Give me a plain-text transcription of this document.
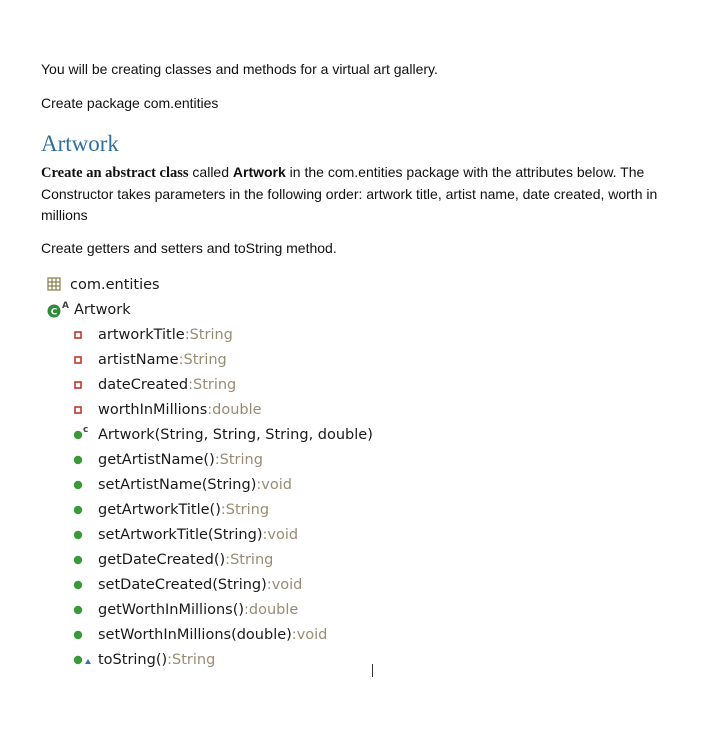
You will be creating classes and methods for a virtual art gallery.

Create package com.entities

Artwork

Create an abstract class called Artwork in the com.entities package with the attributes below. The Constructor takes parameters in the following order: artwork title, artist name, date created, worth in millions

Create getters and setters and toString method.

com.entities
C
A Artwork
artworkTitle : String
artistName : String
dateCreated : String
worthInMillions : double
c Artwork(String, String, String, double)
getArtistName() : String
setArtistName(String) : void
getArtworkTitle() : String
setArtworkTitle(String) : void
getDateCreated() : String
setDateCreated(String) : void
getWorthInMillions() : double
setWorthInMillions(double) : void
toString() : String
